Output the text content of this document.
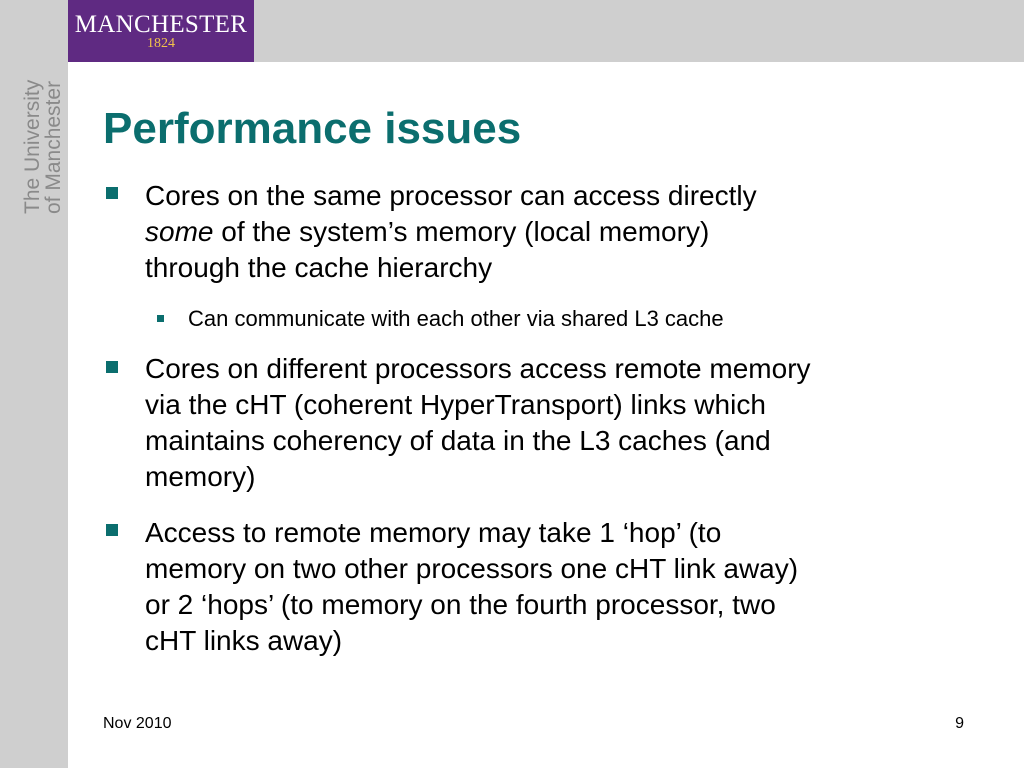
MANCHESTER
1824
The University
of Manchester Performance issues
Cores on the same processor can access directly
some of the system’s memory (local memory)
through the cache hierarchy
Can communicate with each other via shared L3 cache
Cores on different processors access remote memory
via the cHT (coherent HyperTransport) links which
maintains coherency of data in the L3 caches (and
memory)
Access to remote memory may take 1 ‘hop’ (to
memory on two other processors one cHT link away)
or 2 ‘hops’ (to memory on the fourth processor, two
cHT links away)
Nov 2010	9
